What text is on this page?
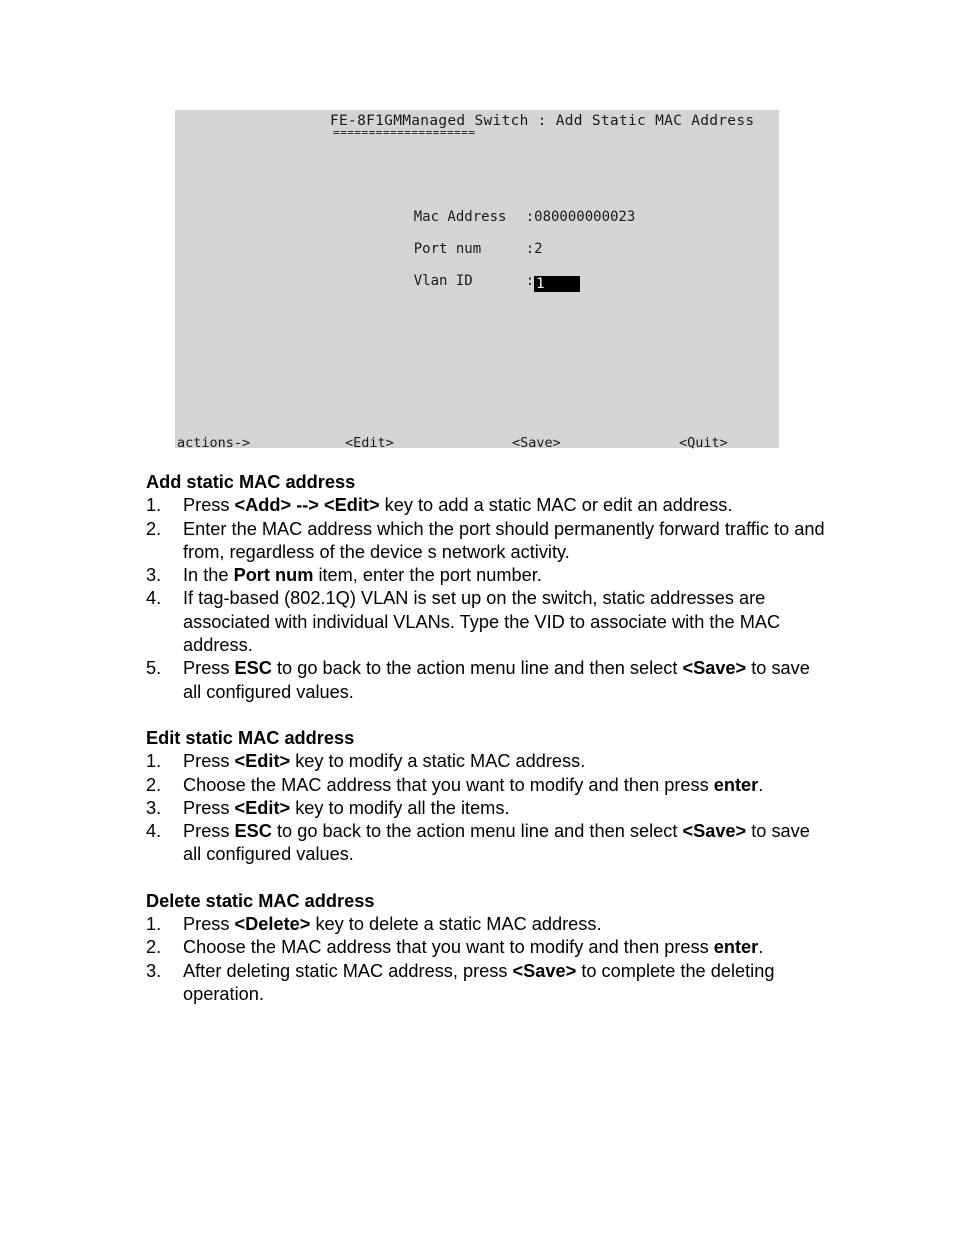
FE-8F1GMManaged Switch : Add Static MAC Address
====================

Mac Address :080000000023

Port num	:2

Vlan ID	: 1

actions->	<Edit>	<Save>	<Quit>
Add static MAC address
1. Press <Add> --> <Edit> key to add a static MAC or edit an address.
2. Enter the MAC address which the port should permanently forward traffic to and from, regardless of the device s network activity.
3. In the Port num item, enter the port number.
4. If tag-based (802.1Q) VLAN is set up on the switch, static addresses are associated with individual VLANs. Type the VID to associate with the MAC address.
5. Press ESC to go back to the action menu line and then select <Save> to save all configured values.
Edit static MAC address
1. Press <Edit> key to modify a static MAC address.
2. Choose the MAC address that you want to modify and then press enter.
3. Press <Edit> key to modify all the items.
4. Press ESC to go back to the action menu line and then select <Save> to save all configured values.
Delete static MAC address
1. Press <Delete> key to delete a static MAC address.
2. Choose the MAC address that you want to modify and then press enter.
3. After deleting static MAC address, press <Save> to complete the deleting operation.
